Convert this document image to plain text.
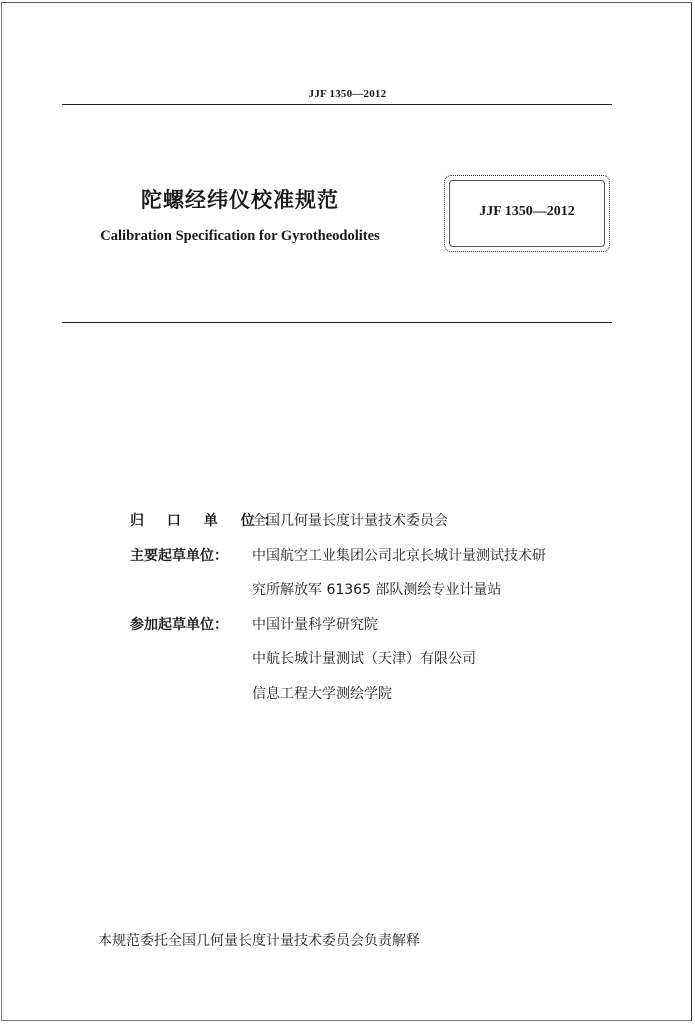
JJF 1350—2012
陀螺经纬仪校准规范
Calibration Specification for Gyrotheodolites
JJF 1350—2012
归 口 单 位：
全国几何量长度计量技术委员会
主要起草单位：	中国航空工业集团公司北京长城计量测试技术研
究所解放军 61365 部队测绘专业计量站
参加起草单位：	中国计量科学研究院
中航长城计量测试（天津）有限公司
信息工程大学测绘学院
本规范委托全国几何量长度计量技术委员会负责解释
